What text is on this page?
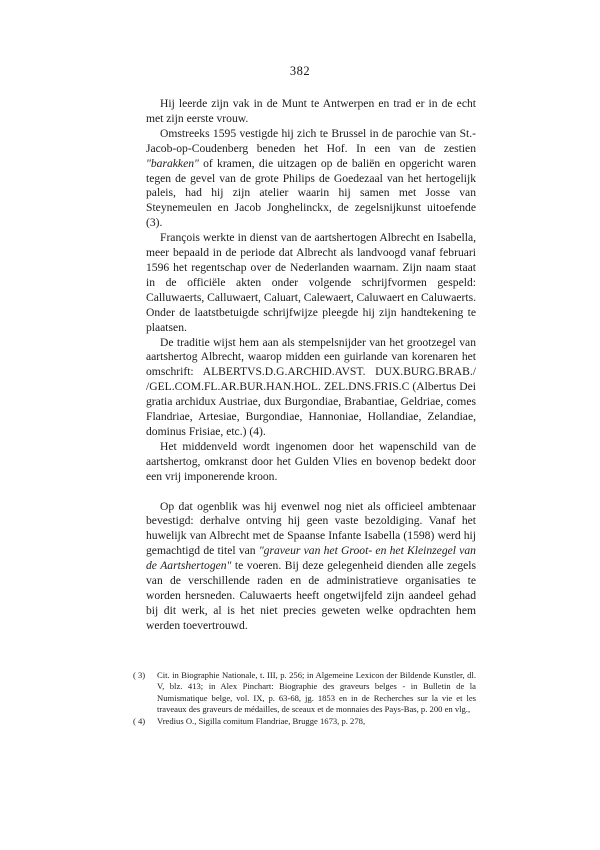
382

Hij leerde zijn vak in de Munt te Antwerpen en trad er in de echt met zijn eerste vrouw.

Omstreeks 1595 vestigde hij zich te Brussel in de parochie van St.-Jacob-op-Coudenberg beneden het Hof. In een van de zestien "barakken" of kramen, die uitzagen op de baliën en opgericht waren tegen de gevel van de grote Philips de Goedezaal van het hertogelijk paleis, had hij zijn atelier waarin hij samen met Josse van Steynemeulen en Jacob Jonghelinckx, de zegelsnijkunst uitoefende (3).

François werkte in dienst van de aartshertogen Albrecht en Isabella, meer bepaald in de periode dat Albrecht als landvoogd vanaf februari 1596 het regentschap over de Nederlanden waarnam. Zijn naam staat in de officiële akten onder volgende schrijfvormen gespeld: Calluwaerts, Calluwaert, Caluart, Calewaert, Caluwaert en Caluwaerts. Onder de laatstbetuigde schrijfwijze pleegde hij zijn handtekening te plaatsen.

De traditie wijst hem aan als stempelsnijder van het grootzegel van aartshertog Albrecht, waarop midden een guirlande van korenaren het omschrift: ALBERTVS.D.G.ARCHID.AVST. DUX.BURG.BRAB./ /GEL.COM.FL.AR.BUR.HAN.HOL. ZEL.DNS.FRIS.C (Albertus Dei gratia archidux Austriae, dux Burgondiae, Brabantiae, Geldriae, comes Flandriae, Artesiae, Burgondiae, Hannoniae, Hollandiae, Zelandiae, dominus Frisiae, etc.) (4).

Het middenveld wordt ingenomen door het wapenschild van de aartshertog, omkranst door het Gulden Vlies en bovenop bedekt door een vrij imponerende kroon.

Op dat ogenblik was hij evenwel nog niet als officieel ambtenaar bevestigd: derhalve ontving hij geen vaste bezoldiging. Vanaf het huwelijk van Albrecht met de Spaanse Infante Isabella (1598) werd hij gemachtigd de titel van "graveur van het Groot- en het Kleinzegel van de Aartshertogen" te voeren. Bij deze gelegenheid dienden alle zegels van de verschillende raden en de administratieve organisaties te worden hersneden. Caluwaerts heeft ongetwijfeld zijn aandeel gehad bij dit werk, al is het niet precies geweten welke opdrachten hem werden toevertrouwd.

( 3)	Cit. in Biographie Nationale, t. III, p. 256; in Algemeine Lexicon der Bildende Kunstler, dl. V, blz. 413; in Alex Pinchart: Biographie des graveurs belges - in Bulletin de la Numismatique belge, vol. IX, p. 63-68, jg. 1853 en in de Recherches sur la vie et les traveaux des graveurs de médailles, de sceaux et de monnaies des Pays-Bas, p. 200 en vlg.,
( 4)	Vredius O., Sigilla comitum Flandriae, Brugge 1673, p. 278,
